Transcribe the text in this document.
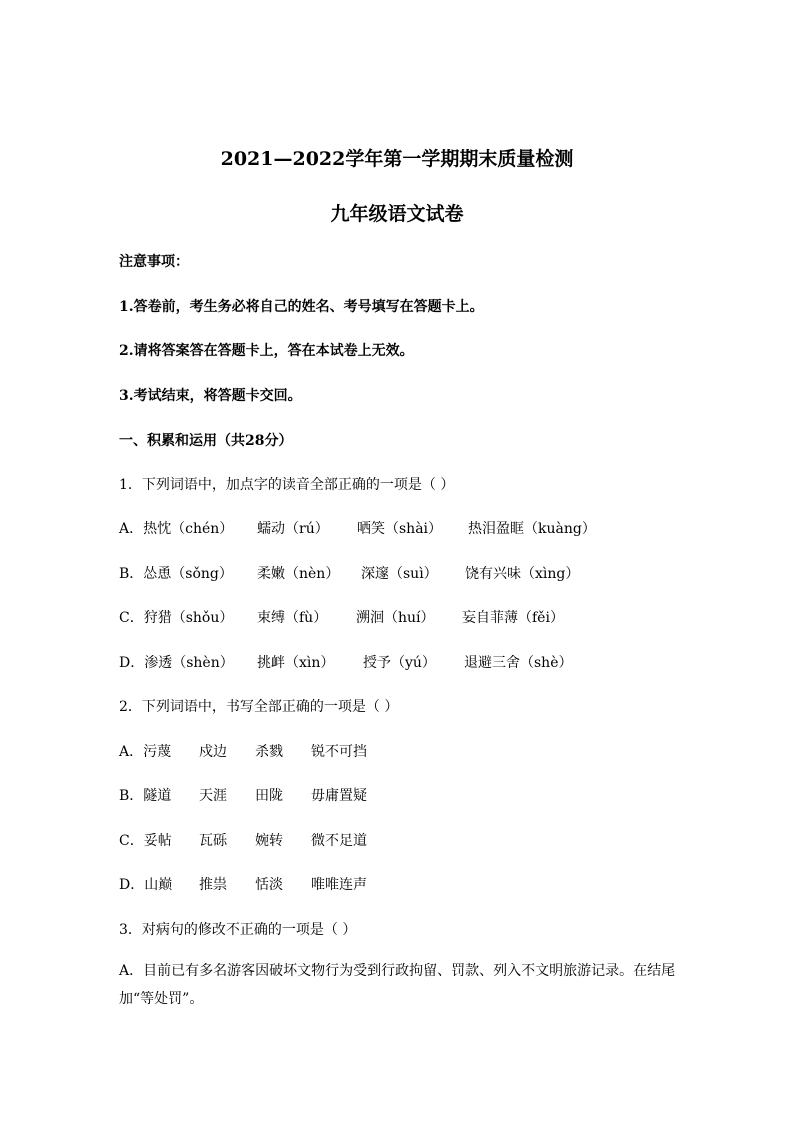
2021—2022学年第一学期期末质量检测
九年级语文试卷
注意事项：
1.答卷前，考生务必将自己的姓名、考号填写在答题卡上。
2.请将答案答在答题卡上，答在本试卷上无效。
3.考试结束，将答题卡交回。
一、积累和运用（共28分）
1．下列词语中，加点字的读音全部正确的一项是（ ）
A．热忱（chén） 蠕动（rú） 哂笑（shài） 热泪盈眶（kuàng）
B．怂恿（sǒng） 柔嫩（nèn） 深邃（suì） 饶有兴味（xìng）
C．狩猎（shǒu） 束缚（fù） 溯洄（huí） 妄自菲薄（fěi）
D．渗透（shèn） 挑衅（xìn） 授予（yú） 退避三舍（shè）
2．下列词语中，书写全部正确的一项是（ ）
A．污蔑 戍边 杀戮 锐不可挡
B．隧道 天涯 田陇 毋庸置疑
C．妥帖 瓦砾 婉转 微不足道
D．山巅 推祟 恬淡 唯唯连声
3．对病句的修改不正确的一项是（ ）
A．目前已有多名游客因破坏文物行为受到行政拘留、罚款、列入不文明旅游记录。在结尾加“等处罚”。
